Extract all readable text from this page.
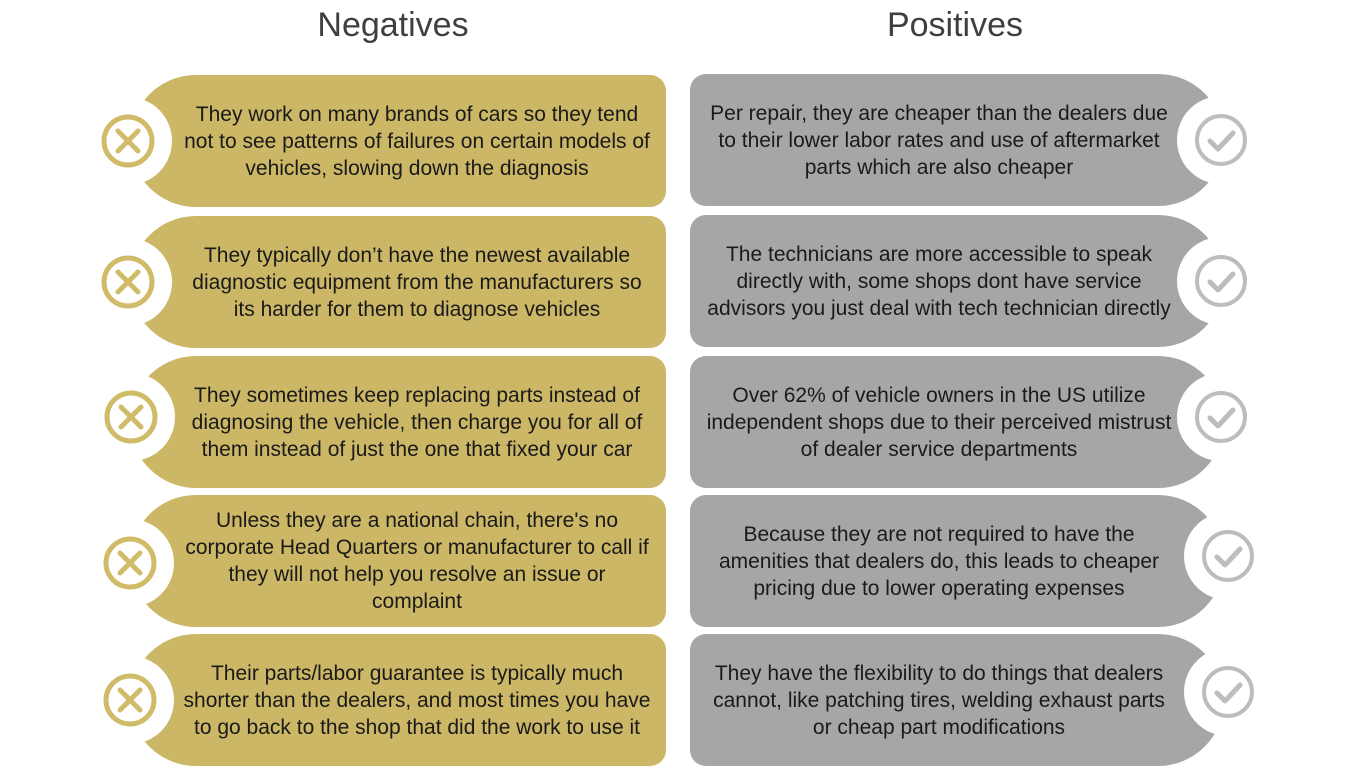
Negatives	Positives
They work on many brands of cars so they tend not to see patterns of failures on certain models of vehicles, slowing down the diagnosis
They typically don’t have the newest available diagnostic equipment from the manufacturers so its harder for them to diagnose vehicles
They sometimes keep replacing parts instead of diagnosing the vehicle, then charge you for all of them instead of just the one that fixed your car
Unless they are a national chain, there's no corporate Head Quarters or manufacturer to call if they will not help you resolve an issue or complaint
Their parts/labor guarantee is typically much shorter than the dealers, and most times you have to go back to the shop that did the work to use it
Per repair, they are cheaper than the dealers due to their lower labor rates and use of aftermarket parts which are also cheaper
The technicians are more accessible to speak directly with, some shops dont have service advisors you just deal with tech technician directly
Over 62% of vehicle owners in the US utilize independent shops due to their perceived mistrust of dealer service departments
Because they are not required to have the amenities that dealers do, this leads to cheaper pricing due to lower operating expenses
They have the flexibility to do things that dealers cannot, like patching tires, welding exhaust parts or cheap part modifications
